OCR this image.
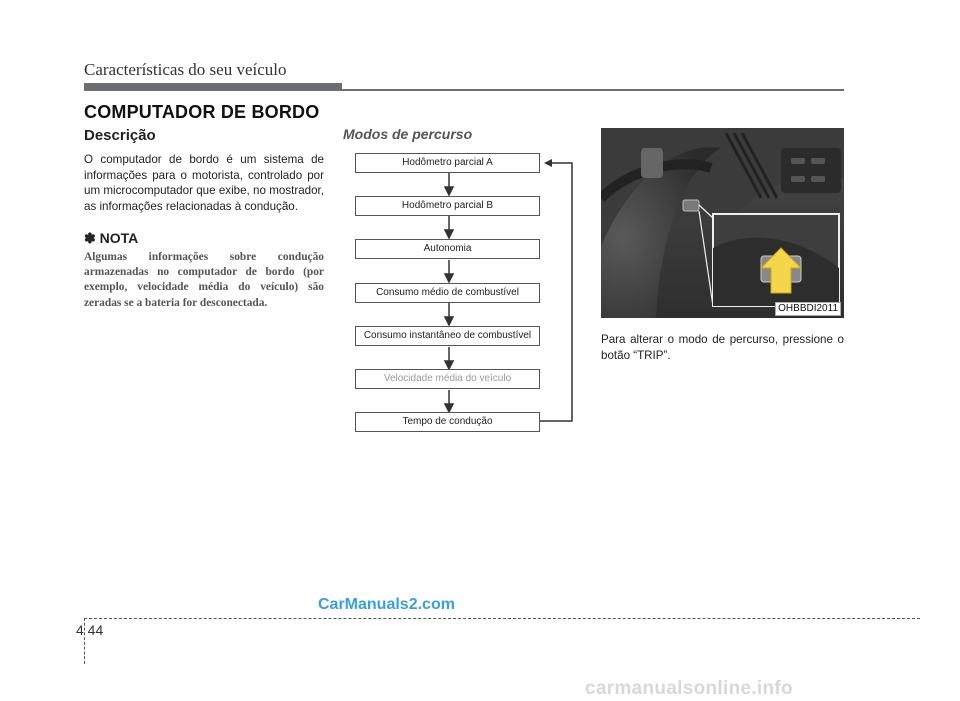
Características do seu veículo
COMPUTADOR DE BORDO
Descrição
O computador de bordo é um sistema de informações para o motorista, controlado por um microcomputador que exibe, no mostrador, as informações relacionadas à condução.
✽ NOTA
Algumas informações sobre condução armazenadas no computador de bordo (por exemplo, velocidade média do veículo) são zeradas se a bateria for desconectada.
Modos de percurso
Hodômetro parcial A
Hodômetro parcial B
Autonomia
Consumo médio de combustível
Consumo instantâneo de combustível
Velocidade média do veículo
Tempo de condução
OHBBDI2011
Para alterar o modo de percurso, pressione o botão “TRIP”.
CarManuals2.com
4 44
carmanualsonline.info
